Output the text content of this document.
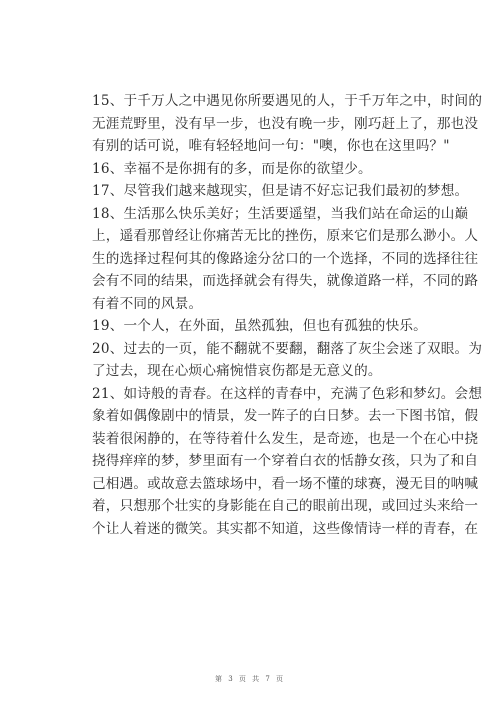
15、于千万人之中遇见你所要遇见的人，于千万年之中，时间的
无涯荒野里，没有早一步，也没有晚一步，刚巧赶上了，那也没
有别的话可说，唯有轻轻地问一句："噢，你也在这里吗？"
16、幸福不是你拥有的多，而是你的欲望少。
17、尽管我们越来越现实，但是请不好忘记我们最初的梦想。
18、生活那么快乐美好；生活要遥望，当我们站在命运的山巅
上，遥看那曾经让你痛苦无比的挫伤，原来它们是那么渺小。人
生的选择过程何其的像路途分岔口的一个选择，不同的选择往往
会有不同的结果，而选择就会有得失，就像道路一样，不同的路
有着不同的风景。
19、一个人，在外面，虽然孤独，但也有孤独的快乐。
20、过去的一页，能不翻就不要翻，翻落了灰尘会迷了双眼。为
了过去，现在心烦心痛惋惜哀伤都是无意义的。
21、如诗般的青春。在这样的青春中，充满了色彩和梦幻。会想
象着如偶像剧中的情景，发一阵子的白日梦。去一下图书馆，假
装着很闲静的，在等待着什么发生，是奇迹，也是一个在心中挠
挠得痒痒的梦，梦里面有一个穿着白衣的恬静女孩，只为了和自
己相遇。或故意去篮球场中，看一场不懂的球赛，漫无目的呐喊
着，只想那个壮实的身影能在自己的眼前出现，或回过头来给一
个让人着迷的微笑。其实都不知道，这些像情诗一样的青春，在
第 3 页 共 7 页
